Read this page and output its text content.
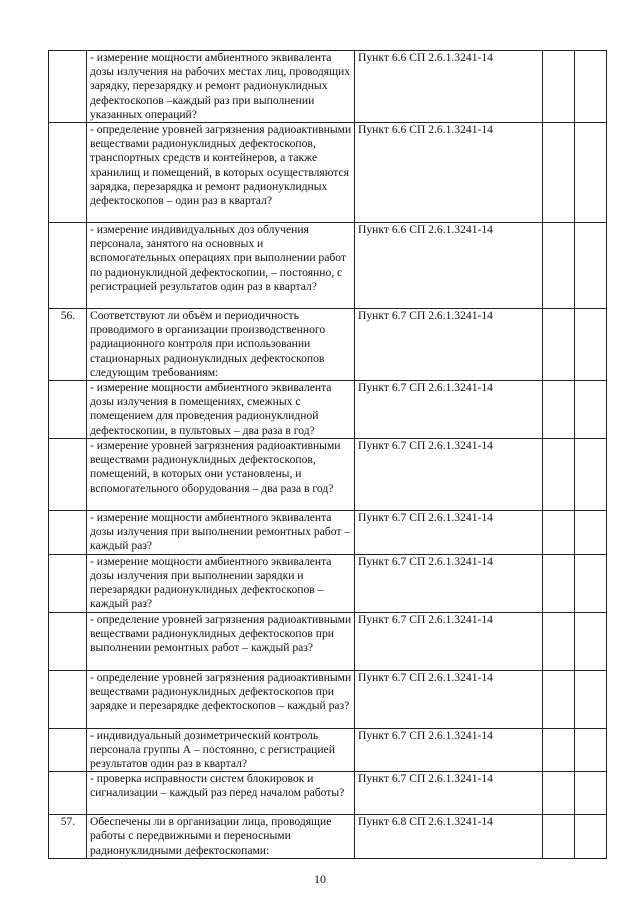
	- измерение мощности амбиентного эквивалента дозы излучения на рабочих местах лиц, проводящих зарядку, перезарядку и ремонт радионуклидных дефектоскопов –каждый раз при выполнении указанных операций?	Пункт 6.6 СП 2.6.1.3241-14		
	- определение уровней загрязнения радиоактивными веществами радионуклидных дефектоскопов, транспортных средств и контейнеров, а также хранилищ и помещений, в которых осуществляются зарядка, перезарядка и ремонт радионуклидных дефектоскопов – один раз в квартал?	Пункт 6.6 СП 2.6.1.3241-14		
	- измерение индивидуальных доз облучения персонала, занятого на основных и вспомогательных операциях при выполнении работ по радионуклидной дефектоскопии, – постоянно, с регистрацией результатов один раз в квартал?	Пункт 6.6 СП 2.6.1.3241-14		
56.	Соответствуют ли объём и периодичность проводимого в организации производственного радиационного контроля при использовании стационарных радионуклидных дефектоскопов следующим требованиям:	Пункт 6.7 СП 2.6.1.3241-14		
	- измерение мощности амбиентного эквивалента дозы излучения в помещениях, смежных с помещением для проведения радионуклидной дефектоскопии, в пультовых – два раза в год?	Пункт 6.7 СП 2.6.1.3241-14		
	- измерение уровней загрязнения радиоактивными веществами радионуклидных дефектоскопов, помещений, в которых они установлены, и вспомогательного оборудования – два раза в год?	Пункт 6.7 СП 2.6.1.3241-14		
	- измерение мощности амбиентного эквивалента дозы излучения при выполнении ремонтных работ – каждый раз?	Пункт 6.7 СП 2.6.1.3241-14		
	- измерение мощности амбиентного эквивалента дозы излучения при выполнении зарядки и перезарядки радионуклидных дефектоскопов – каждый раз?	Пункт 6.7 СП 2.6.1.3241-14		
	- определение уровней загрязнения радиоактивными веществами радионуклидных дефектоскопов при выполнении ремонтных работ – каждый раз?	Пункт 6.7 СП 2.6.1.3241-14		
	- определение уровней загрязнения радиоактивными веществами радионуклидных дефектоскопов при зарядке и перезарядке дефектоскопов – каждый раз?	Пункт 6.7 СП 2.6.1.3241-14		
	- индивидуальный дозиметрический контроль персонала группы А – постоянно, с регистрацией результатов один раз в квартал?	Пункт 6.7 СП 2.6.1.3241-14		
	- проверка исправности систем блокировок и сигнализации – каждый раз перед началом работы?	Пункт 6.7 СП 2.6.1.3241-14		
57.	Обеспечены ли в организации лица, проводящие работы с передвижными и переносными радионуклидными дефектоскопами:	Пункт 6.8 СП 2.6.1.3241-14		
10
